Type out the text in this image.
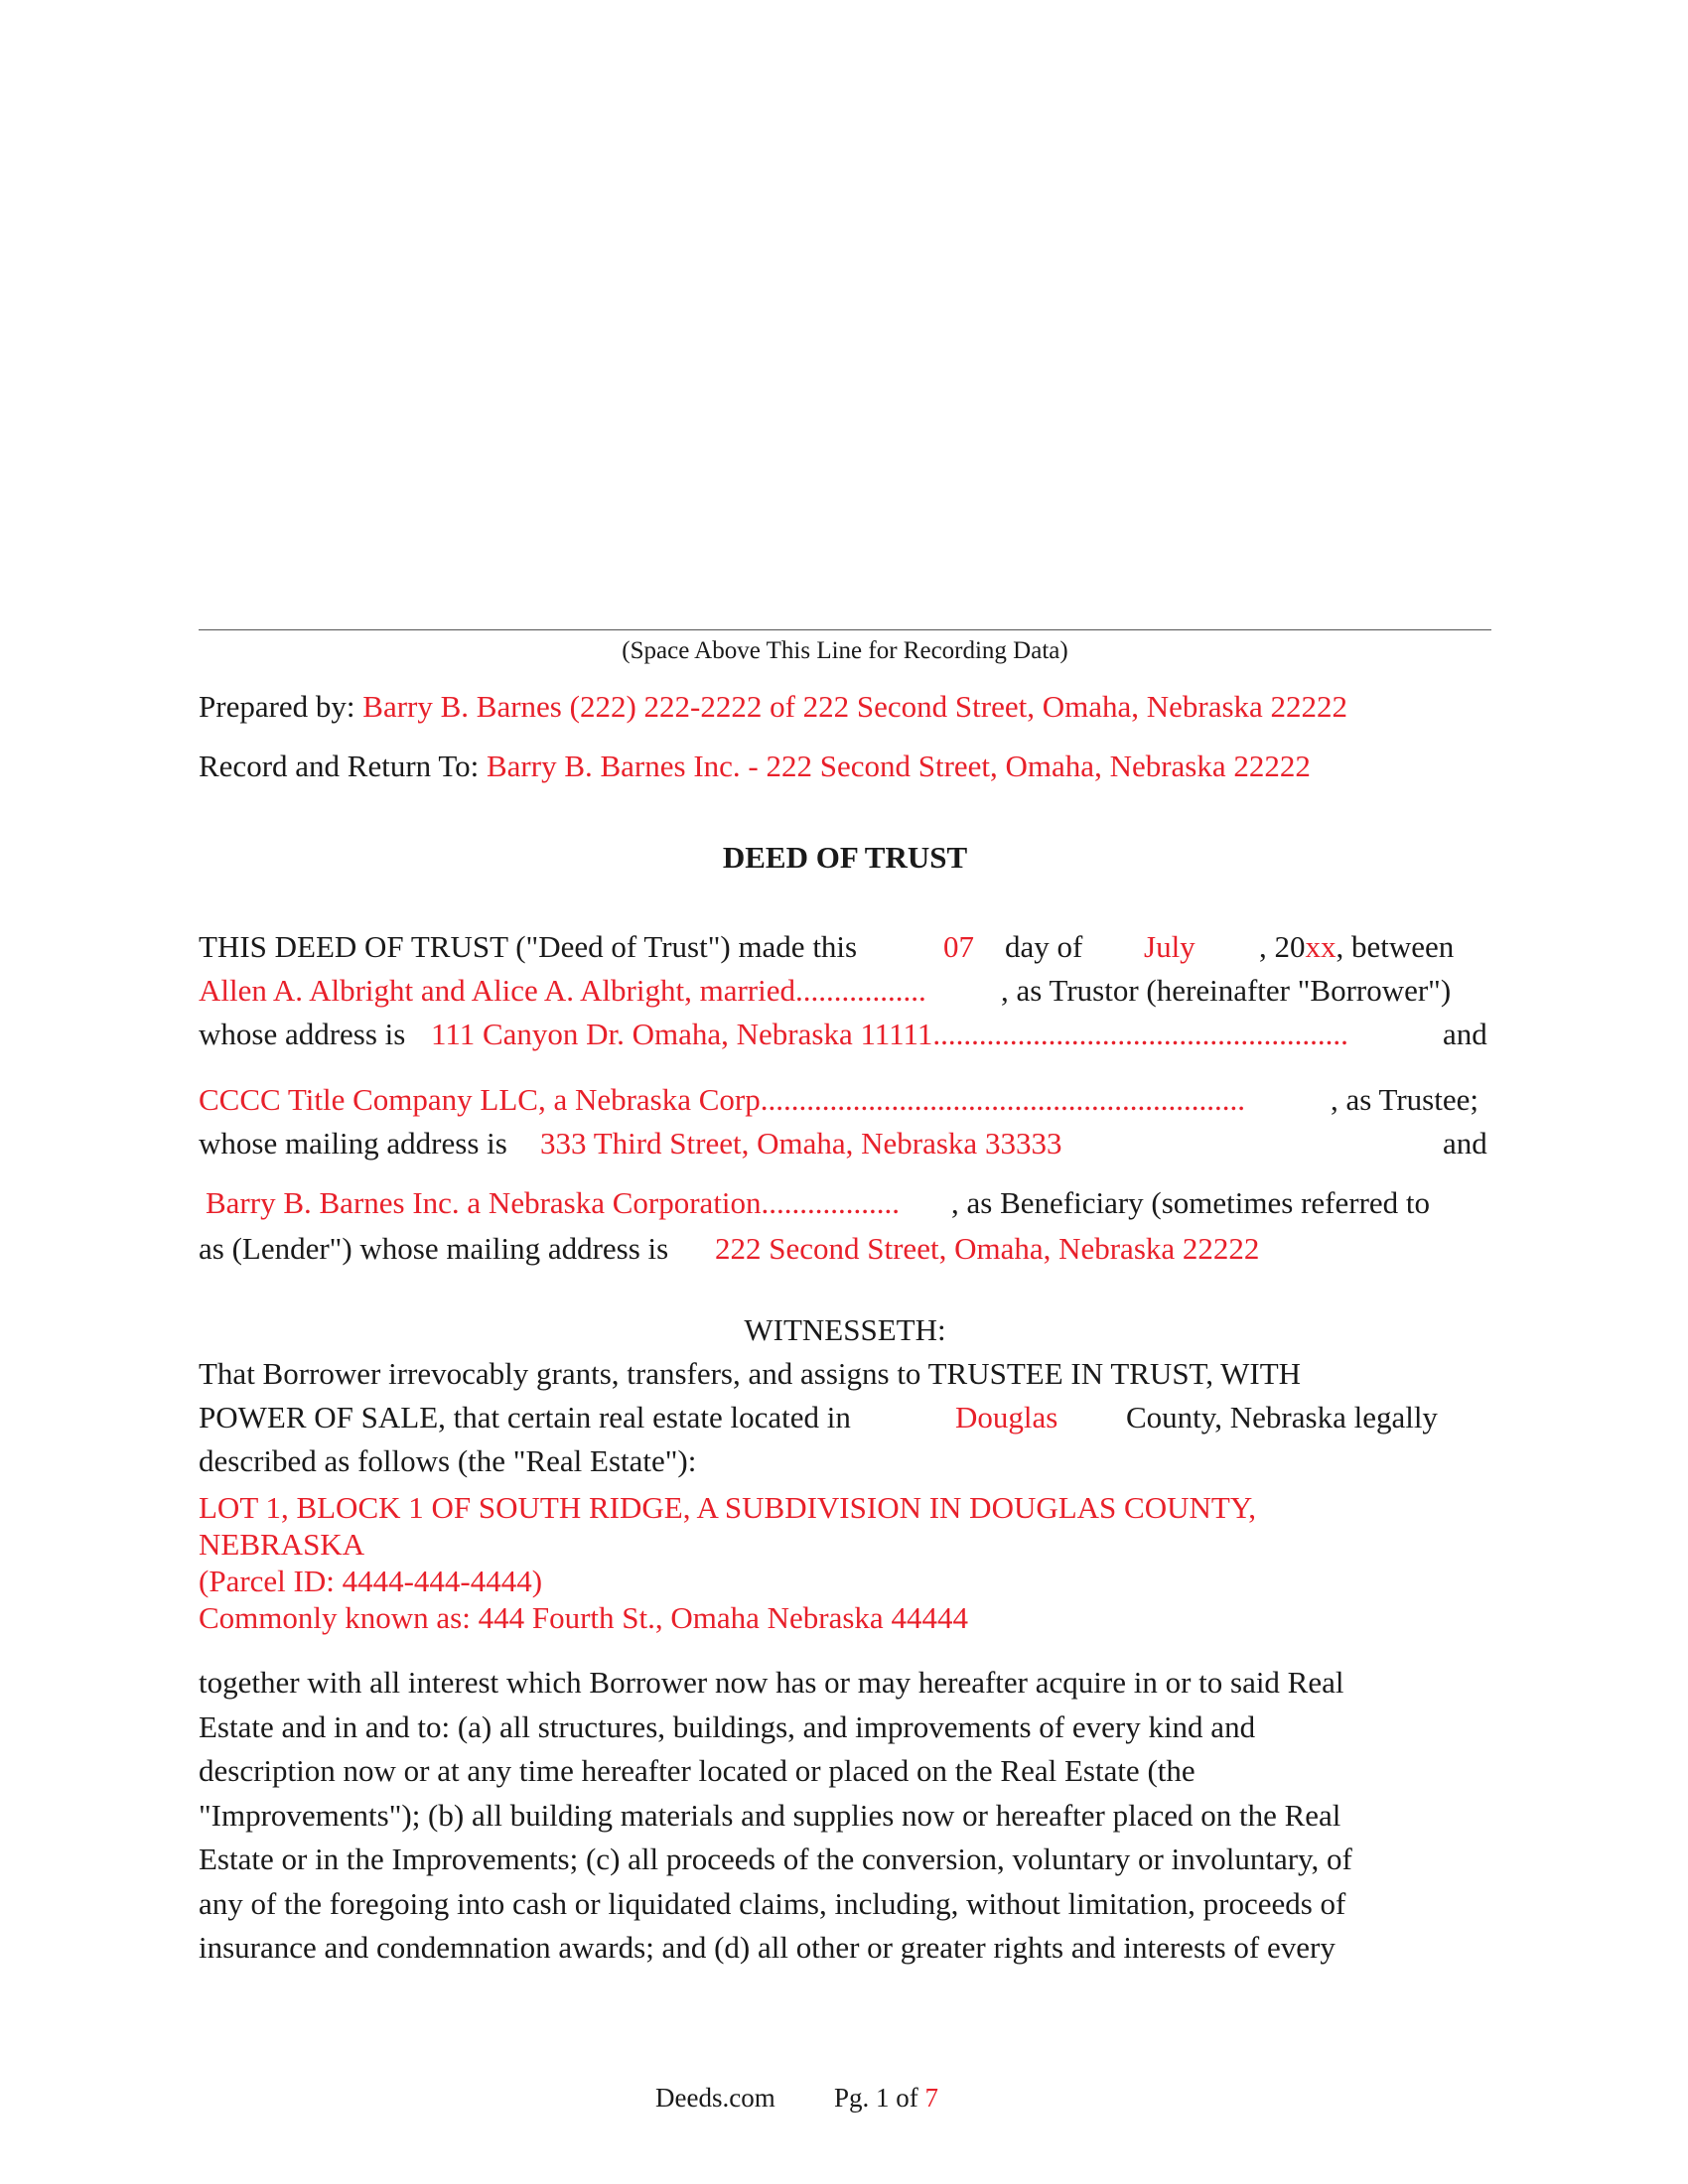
(Space Above This Line for Recording Data)
Prepared by: Barry B. Barnes (222) 222-2222 of 222 Second Street, Omaha, Nebraska 22222
Record and Return To: Barry B. Barnes Inc. - 222 Second Street, Omaha, Nebraska 22222
DEED OF TRUST
THIS DEED OF TRUST ("Deed of Trust") made this	07 day of July , 20xx, between
Allen A. Albright and Alice A. Albright, married................. , as Trustor (hereinafter "Borrower")
whose address is 111 Canyon Dr. Omaha, Nebraska 11111......................................................	and
CCCC Title Company LLC, a Nebraska Corp...............................................................	, as Trustee;
whose mailing address is 333 Third Street, Omaha, Nebraska 33333	and
Barry B. Barnes Inc. a Nebraska Corporation.................. , as Beneficiary (sometimes referred to
as (Lender") whose mailing address is 222 Second Street, Omaha, Nebraska 22222
WITNESSETH:
That Borrower irrevocably grants, transfers, and assigns to TRUSTEE IN TRUST, WITH
POWER OF SALE, that certain real estate located in	Douglas County, Nebraska legally
described as follows (the "Real Estate"):
LOT 1, BLOCK 1 OF SOUTH RIDGE, A SUBDIVISION IN DOUGLAS COUNTY,
NEBRASKA
(Parcel ID: 4444-444-4444)
Commonly known as: 444 Fourth St., Omaha Nebraska 44444
together with all interest which Borrower now has or may hereafter acquire in or to said Real
Estate and in and to: (a) all structures, buildings, and improvements of every kind and
description now or at any time hereafter located or placed on the Real Estate (the
"Improvements"); (b) all building materials and supplies now or hereafter placed on the Real
Estate or in the Improvements; (c) all proceeds of the conversion, voluntary or involuntary, of
any of the foregoing into cash or liquidated claims, including, without limitation, proceeds of
insurance and condemnation awards; and (d) all other or greater rights and interests of every
Deeds.com Pg. 1 of 7
